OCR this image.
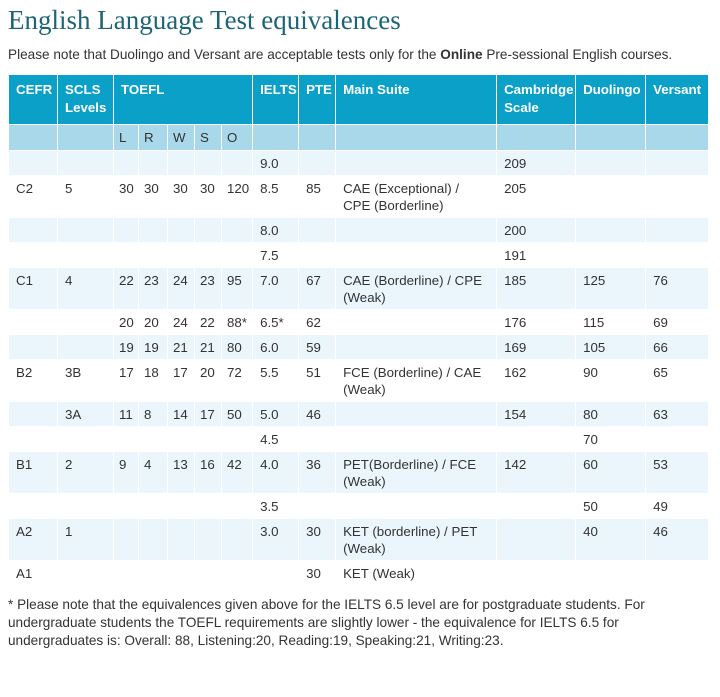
English Language Test equivalences

Please note that Duolingo and Versant are acceptable tests only for the Online Pre-sessional English courses.

CEFR	SCLS Levels	TOEFL					IELTS	PTE	Main Suite	Cambridge Scale	Duolingo	Versant
		L	R	W	S	O						
							9.0			209		
C2	5	30	30	30	30	120	8.5	85	CAE (Exceptional) / CPE (Borderline)	205		
							8.0			200		
							7.5			191		
C1	4	22	23	24	23	95	7.0	67	CAE (Borderline) / CPE (Weak)	185	125	76
		20	20	24	22	88*	6.5*	62		176	115	69
		19	19	21	21	80	6.0	59		169	105	66
B2	3B	17	18	17	20	72	5.5	51	FCE (Borderline) / CAE (Weak)	162	90	65
	3A	11	8	14	17	50	5.0	46		154	80	63
							4.5				70	
B1	2	9	4	13	16	42	4.0	36	PET(Borderline) / FCE (Weak)	142	60	53
							3.5				50	49
A2	1						3.0	30	KET (borderline) / PET (Weak)		40	46
A1								30	KET (Weak)			

* Please note that the equivalences given above for the IELTS 6.5 level are for postgraduate students. For undergraduate students the TOEFL requirements are slightly lower - the equivalence for IELTS 6.5 for undergraduates is: Overall: 88, Listening:20, Reading:19, Speaking:21, Writing:23.
